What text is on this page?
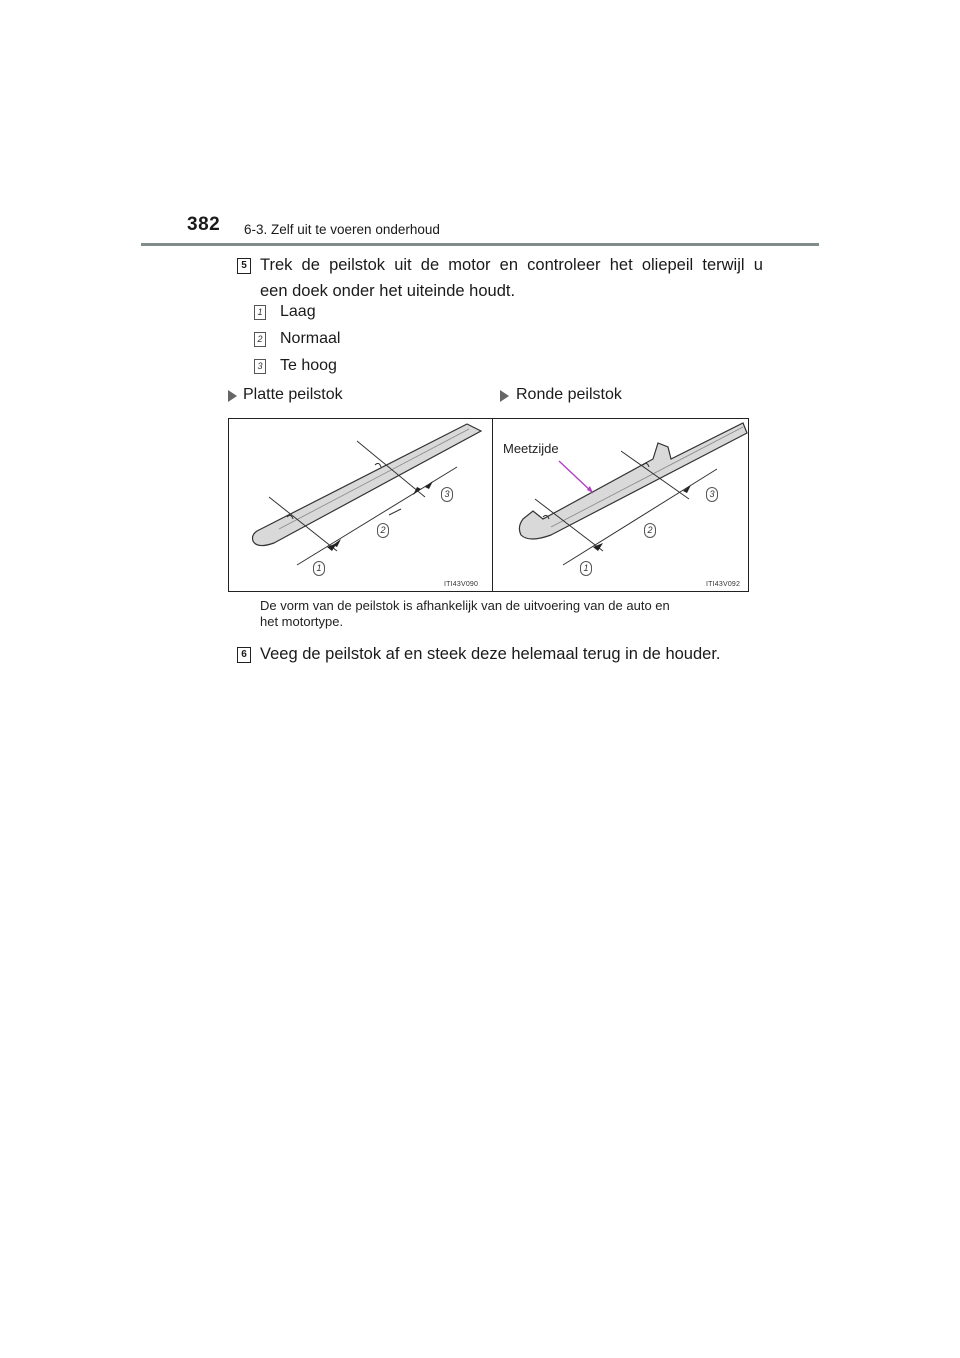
382 6-3. Zelf uit te voeren onderhoud
5 Trek  de  peilstok  uit  de  motor  en  controleer  het  oliepeil  terwijl  u
een doek onder het uiteinde houdt.
1 Laag
2 Normaal
3 Te hoog
Platte peilstok	Ronde peilstok
1
2
3
ITI43V090
Meetzijde
1
2
3
ITI43V092
De vorm van de peilstok is afhankelijk van de uitvoering van de auto en
het motortype.
6 Veeg de peilstok af en steek deze helemaal terug in de houder.
